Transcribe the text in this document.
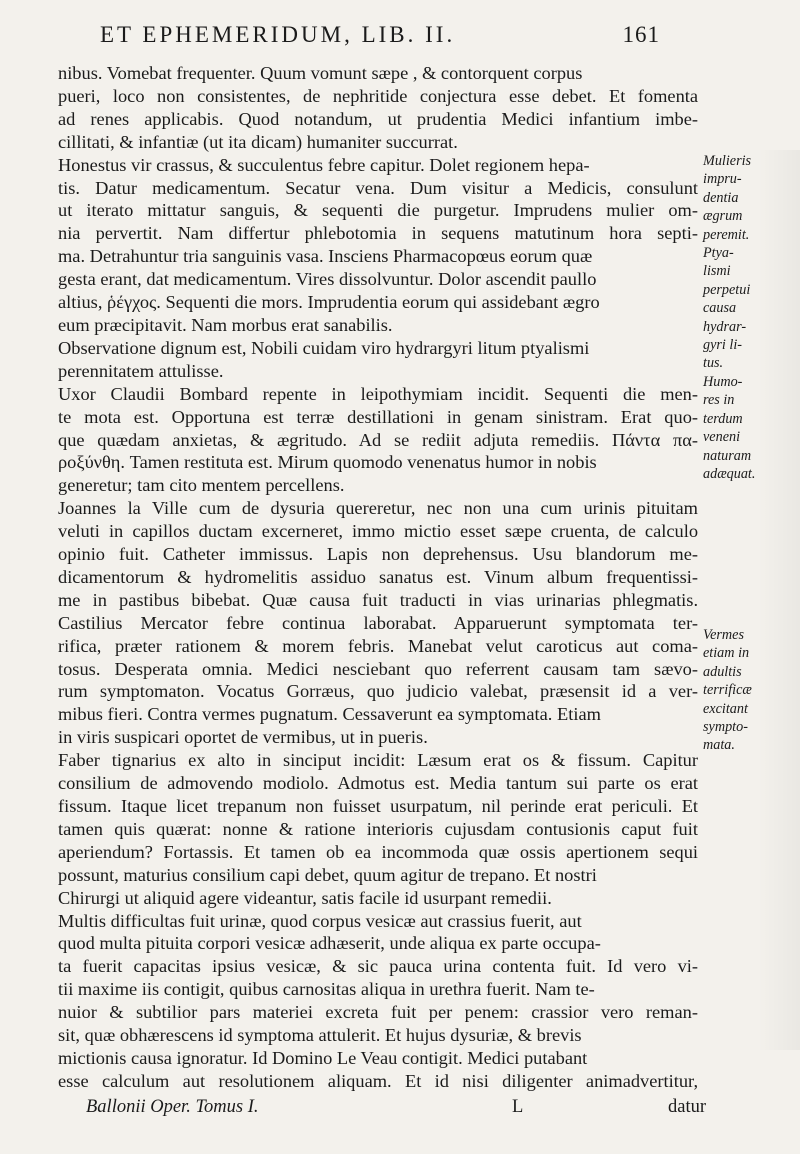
ET EPHEMERIDUM, LIB. II.	161

nibus. Vomebat frequenter. Quum vomunt sæpe , & contorquent corpus
pueri, loco non consistentes, de nephritide conjectura esse debet. Et fomenta
ad renes applicabis. Quod notandum, ut prudentia Medici infantium imbe-
cillitati, & infantiæ (ut ita dicam) humaniter succurrat.

Honestus vir crassus, & succulentus febre capitur. Dolet regionem hepa-
tis. Datur medicamentum. Secatur vena. Dum visitur a Medicis, consulunt
ut iterato mittatur sanguis, & sequenti die purgetur. Imprudens mulier om-
nia pervertit. Nam differtur phlebotomia in sequens matutinum hora septi-
ma. Detrahuntur tria sanguinis vasa. Insciens Pharmacopœus eorum quæ
gesta erant, dat medicamentum. Vires dissolvuntur. Dolor ascendit paullo
altius, ῥέγχος. Sequenti die mors. Imprudentia eorum qui assidebant ægro
eum præcipitavit. Nam morbus erat sanabilis.

Observatione dignum est, Nobili cuidam viro hydrargyri litum ptyalismi
perennitatem attulisse.

Uxor Claudii Bombard repente in leipothymiam incidit. Sequenti die men-
te mota est. Opportuna est terræ destillationi in genam sinistram. Erat quo-
que quædam anxietas, & ægritudo. Ad se rediit adjuta remediis. Πάντα πα-
ροξύνθη. Tamen restituta est. Mirum quomodo venenatus humor in nobis
generetur; tam cito mentem percellens.

Joannes la Ville cum de dysuria quereretur, nec non una cum urinis pituitam
veluti in capillos ductam excerneret, immo mictio esset sæpe cruenta, de calculo
opinio fuit. Catheter immissus. Lapis non deprehensus. Usu blandorum me-
dicamentorum & hydromelitis assiduo sanatus est. Vinum album frequentissi-
me in pastibus bibebat. Quæ causa fuit traducti in vias urinarias phlegmatis.

Castilius Mercator febre continua laborabat. Apparuerunt symptomata ter-
rifica, præter rationem & morem febris. Manebat velut caroticus aut coma-
tosus. Desperata omnia. Medici nesciebant quo referrent causam tam sævo-
rum symptomaton. Vocatus Gorræus, quo judicio valebat, præsensit id a ver-
mibus fieri. Contra vermes pugnatum. Cessaverunt ea symptomata. Etiam
in viris suspicari oportet de vermibus, ut in pueris.

Faber tignarius ex alto in sinciput incidit: Læsum erat os & fissum. Capitur
consilium de admovendo modiolo. Admotus est. Media tantum sui parte os erat
fissum. Itaque licet trepanum non fuisset usurpatum, nil perinde erat periculi. Et
tamen quis quærat: nonne & ratione interioris cujusdam contusionis caput fuit
aperiendum? Fortassis. Et tamen ob ea incommoda quæ ossis apertionem sequi
possunt, maturius consilium capi debet, quum agitur de trepano. Et nostri
Chirurgi ut aliquid agere videantur, satis facile id usurpant remedii.

Multis difficultas fuit urinæ, quod corpus vesicæ aut crassius fuerit, aut
quod multa pituita corpori vesicæ adhæserit, unde aliqua ex parte occupa-
ta fuerit capacitas ipsius vesicæ, & sic pauca urina contenta fuit. Id vero vi-
tii maxime iis contigit, quibus carnositas aliqua in urethra fuerit. Nam te-
nuior & subtilior pars materiei excreta fuit per penem: crassior vero reman-
sit, quæ obhærescens id symptoma attulerit. Et hujus dysuriæ, & brevis
mictionis causa ignoratur. Id Domino Le Veau contigit. Medici putabant
esse calculum aut resolutionem aliquam. Et id nisi diligenter animadvertitur,

Mulieris
impru-
dentia
ægrum
peremit.
Ptya-
lismi
perpetui
causa
hydrar-
gyri li-
tus.
Humo-
res in
terdum
veneni
naturam
adæquat.
Vermes
etiam in
adultis
terrificæ
excitant
sympto-
mata.
Ballonii Oper. Tomus I.	L	datur
